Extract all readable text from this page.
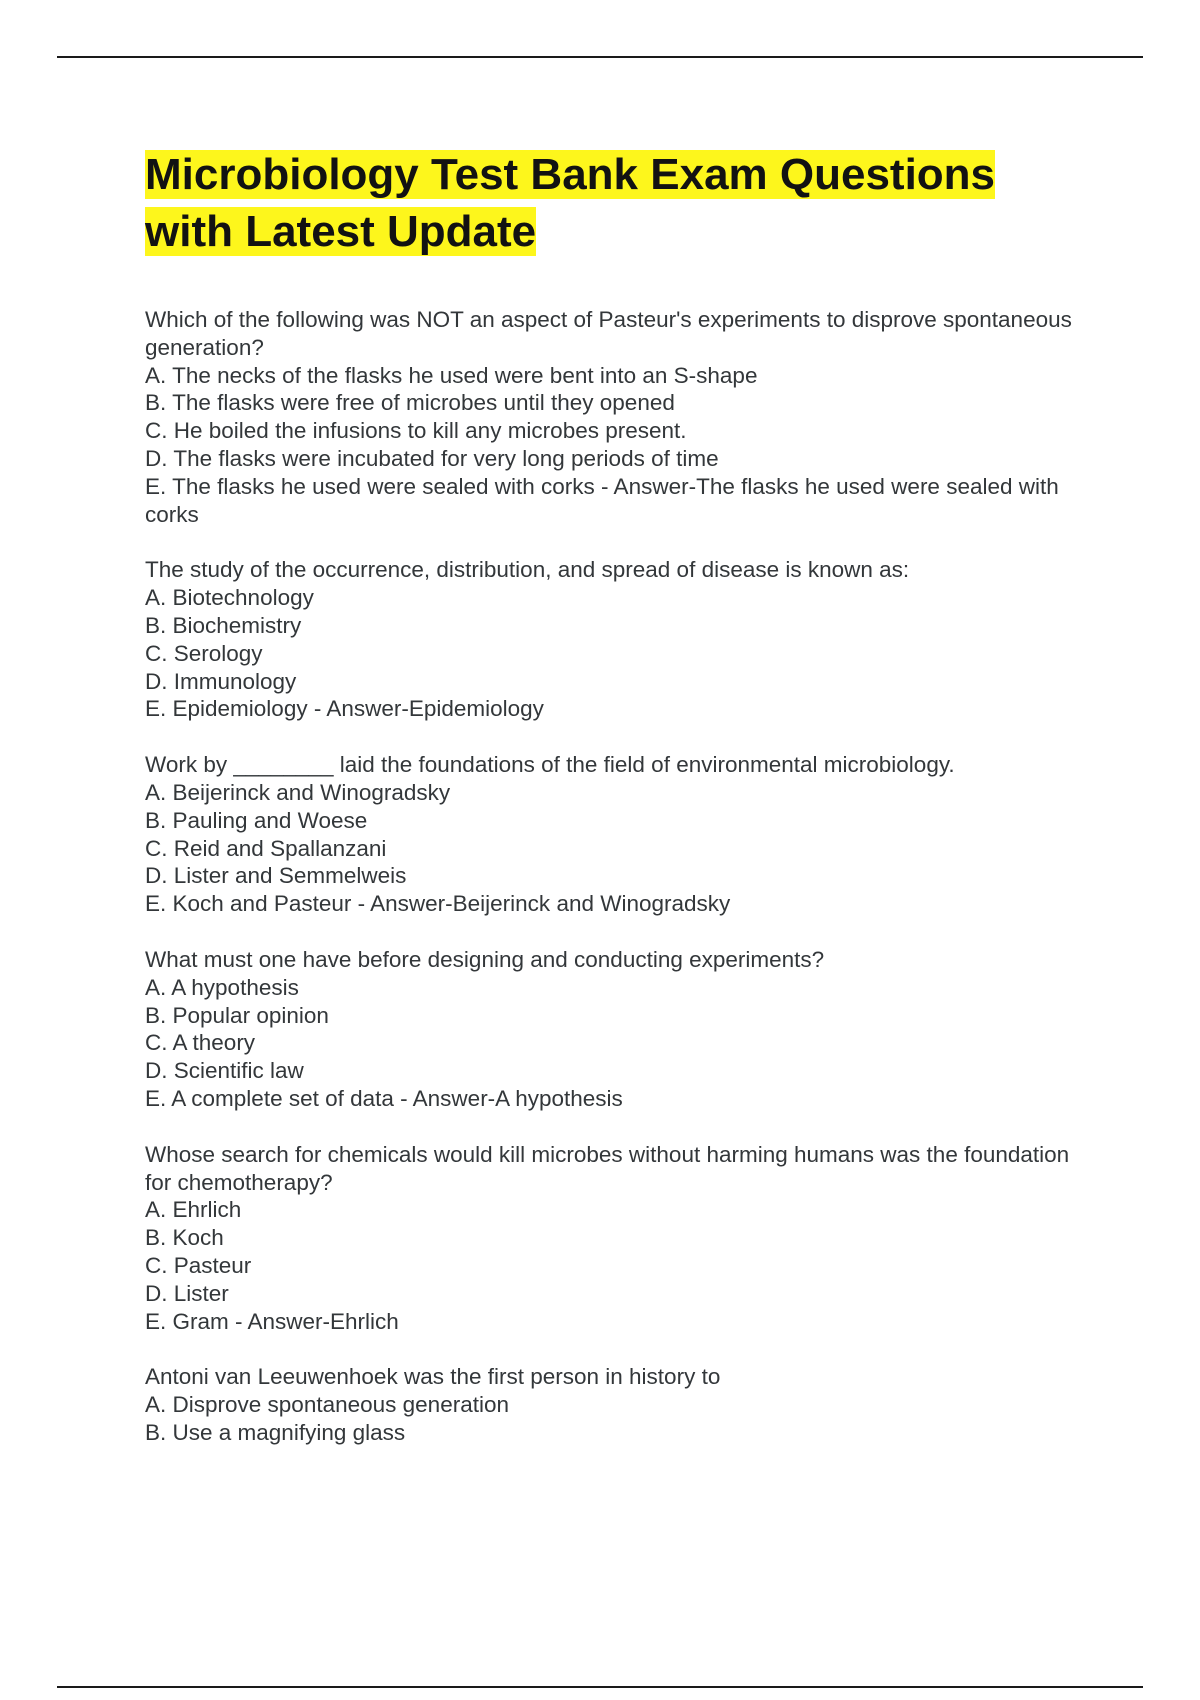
Microbiology Test Bank Exam Questions
with Latest Update
Which of the following was NOT an aspect of Pasteur's experiments to disprove spontaneous generation?
A. The necks of the flasks he used were bent into an S-shape
B. The flasks were free of microbes until they opened
C. He boiled the infusions to kill any microbes present.
D. The flasks were incubated for very long periods of time
E. The flasks he used were sealed with corks - Answer-The flasks he used were sealed with corks
The study of the occurrence, distribution, and spread of disease is known as:
A. Biotechnology
B. Biochemistry
C. Serology
D. Immunology
E. Epidemiology - Answer-Epidemiology
Work by ________ laid the foundations of the field of environmental microbiology.
A. Beijerinck and Winogradsky
B. Pauling and Woese
C. Reid and Spallanzani
D. Lister and Semmelweis
E. Koch and Pasteur - Answer-Beijerinck and Winogradsky
What must one have before designing and conducting experiments?
A. A hypothesis
B. Popular opinion
C. A theory
D. Scientific law
E. A complete set of data - Answer-A hypothesis
Whose search for chemicals would kill microbes without harming humans was the foundation for chemotherapy?
A. Ehrlich
B. Koch
C. Pasteur
D. Lister
E. Gram - Answer-Ehrlich
Antoni van Leeuwenhoek was the first person in history to
A. Disprove spontaneous generation
B. Use a magnifying glass
